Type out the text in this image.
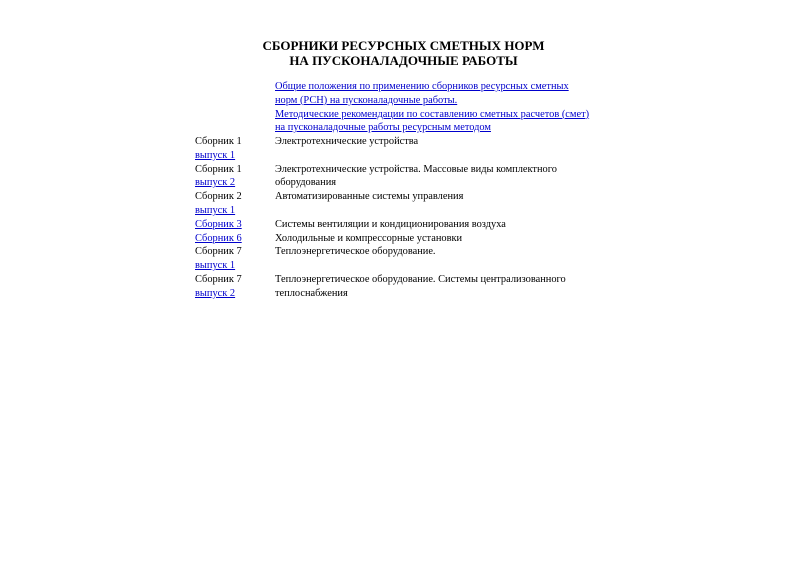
СБОРНИКИ РЕСУРСНЫХ СМЕТНЫХ НОРМ
НА ПУСКОНАЛАДОЧНЫЕ РАБОТЫ
Общие положения по применению сборников ресурсных сметных
норм (РСН) на пусконаладочные работы.
Методические рекомендации по составлению сметных расчетов (смет)
на пусконаладочные работы ресурсным методом
Сборник 1
выпуск 1
Электротехнические устройства
Сборник 1
выпуск 2
Электротехнические устройства. Массовые виды комплектного
оборудования
Сборник 2
выпуск 1
Автоматизированные системы управления
Сборник 3	Системы вентиляции и кондиционирования воздуха
Сборник 6	Холодильные и компрессорные установки
Сборник 7
выпуск 1
Теплоэнергетическое оборудование.
Сборник 7
выпуск 2
Теплоэнергетическое оборудование. Системы централизованного
теплоснабжения
